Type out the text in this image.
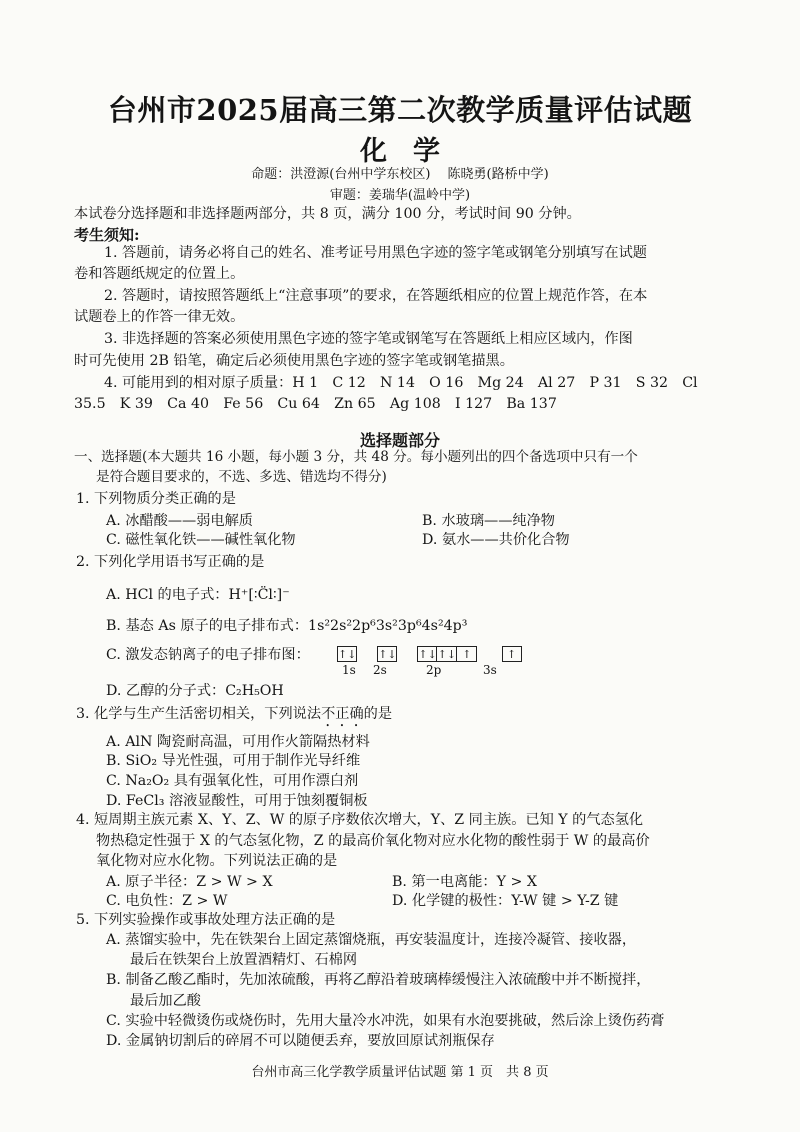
台州市2025届高三第二次教学质量评估试题
化学
命题：洪澄源(台州中学东校区)　 陈晓勇(路桥中学)
审题：姜瑞华(温岭中学)
本试卷分选择题和非选择题两部分，共 8 页，满分 100 分，考试时间 90 分钟。
考生须知:
1. 答题前，请务必将自己的姓名、准考证号用黑色字迹的签字笔或钢笔分别填写在试题
卷和答题纸规定的位置上。
2. 答题时，请按照答题纸上“注意事项”的要求，在答题纸相应的位置上规范作答，在本
试题卷上的作答一律无效。
3. 非选择题的答案必须使用黑色字迹的签字笔或钢笔写在答题纸上相应区域内，作图
时可先使用 2B 铅笔，确定后必须使用黑色字迹的签字笔或钢笔描黑。
4. 可能用到的相对原子质量：H 1　C 12　N 14　O 16　Mg 24　Al 27　P 31　S 32　Cl
35.5　K 39　Ca 40　Fe 56　Cu 64　Zn 65　Ag 108　I 127　Ba 137
选择题部分
一、选择题(本大题共 16 小题，每小题 3 分，共 48 分。每小题列出的四个备选项中只有一个
是符合题目要求的，不选、多选、错选均不得分)
1. 下列物质分类正确的是
A. 冰醋酸——弱电解质	B. 水玻璃——纯净物
C. 磁性氧化铁——碱性氧化物	D. 氨水——共价化合物
2. 下列化学用语书写正确的是
A. HCl 的电子式：H⁺[∶C̈l∶]⁻
B. 基态 As 原子的电子排布式：1s²2s²2p⁶3s²3p⁶4s²4p³
C. 激发态钠离子的电子排布图：	↑↓ ↑↓ ↑↓↑↓ ↑	↑
1s 2s	2p	3s
D. 乙醇的分子式：C₂H₅OH
3. 化学与生产生活密切相关，下列说法不正确的是
A. AlN 陶瓷耐高温，可用作火箭隔热材料
B. SiO₂ 导光性强，可用于制作光导纤维
C. Na₂O₂ 具有强氧化性，可用作漂白剂
D. FeCl₃ 溶液显酸性，可用于蚀刻覆铜板
4. 短周期主族元素 X、Y、Z、W 的原子序数依次增大，Y、Z 同主族。已知 Y 的气态氢化
物热稳定性强于 X 的气态氢化物，Z 的最高价氧化物对应水化物的酸性弱于 W 的最高价
氧化物对应水化物。下列说法正确的是
A. 原子半径：Z > W > X	B. 第一电离能：Y > X
C. 电负性：Z > W	D. 化学键的极性：Y-W 键 > Y-Z 键
5. 下列实验操作或事故处理方法正确的是
A. 蒸馏实验中，先在铁架台上固定蒸馏烧瓶，再安装温度计，连接冷凝管、接收器，
最后在铁架台上放置酒精灯、石棉网
B. 制备乙酸乙酯时，先加浓硫酸，再将乙醇沿着玻璃棒缓慢注入浓硫酸中并不断搅拌，
最后加乙酸
C. 实验中轻微烫伤或烧伤时，先用大量冷水冲洗，如果有水泡要挑破，然后涂上烫伤药膏
D. 金属钠切割后的碎屑不可以随便丢弃，要放回原试剂瓶保存
台州市高三化学教学质量评估试题 第 1 页　共 8 页
